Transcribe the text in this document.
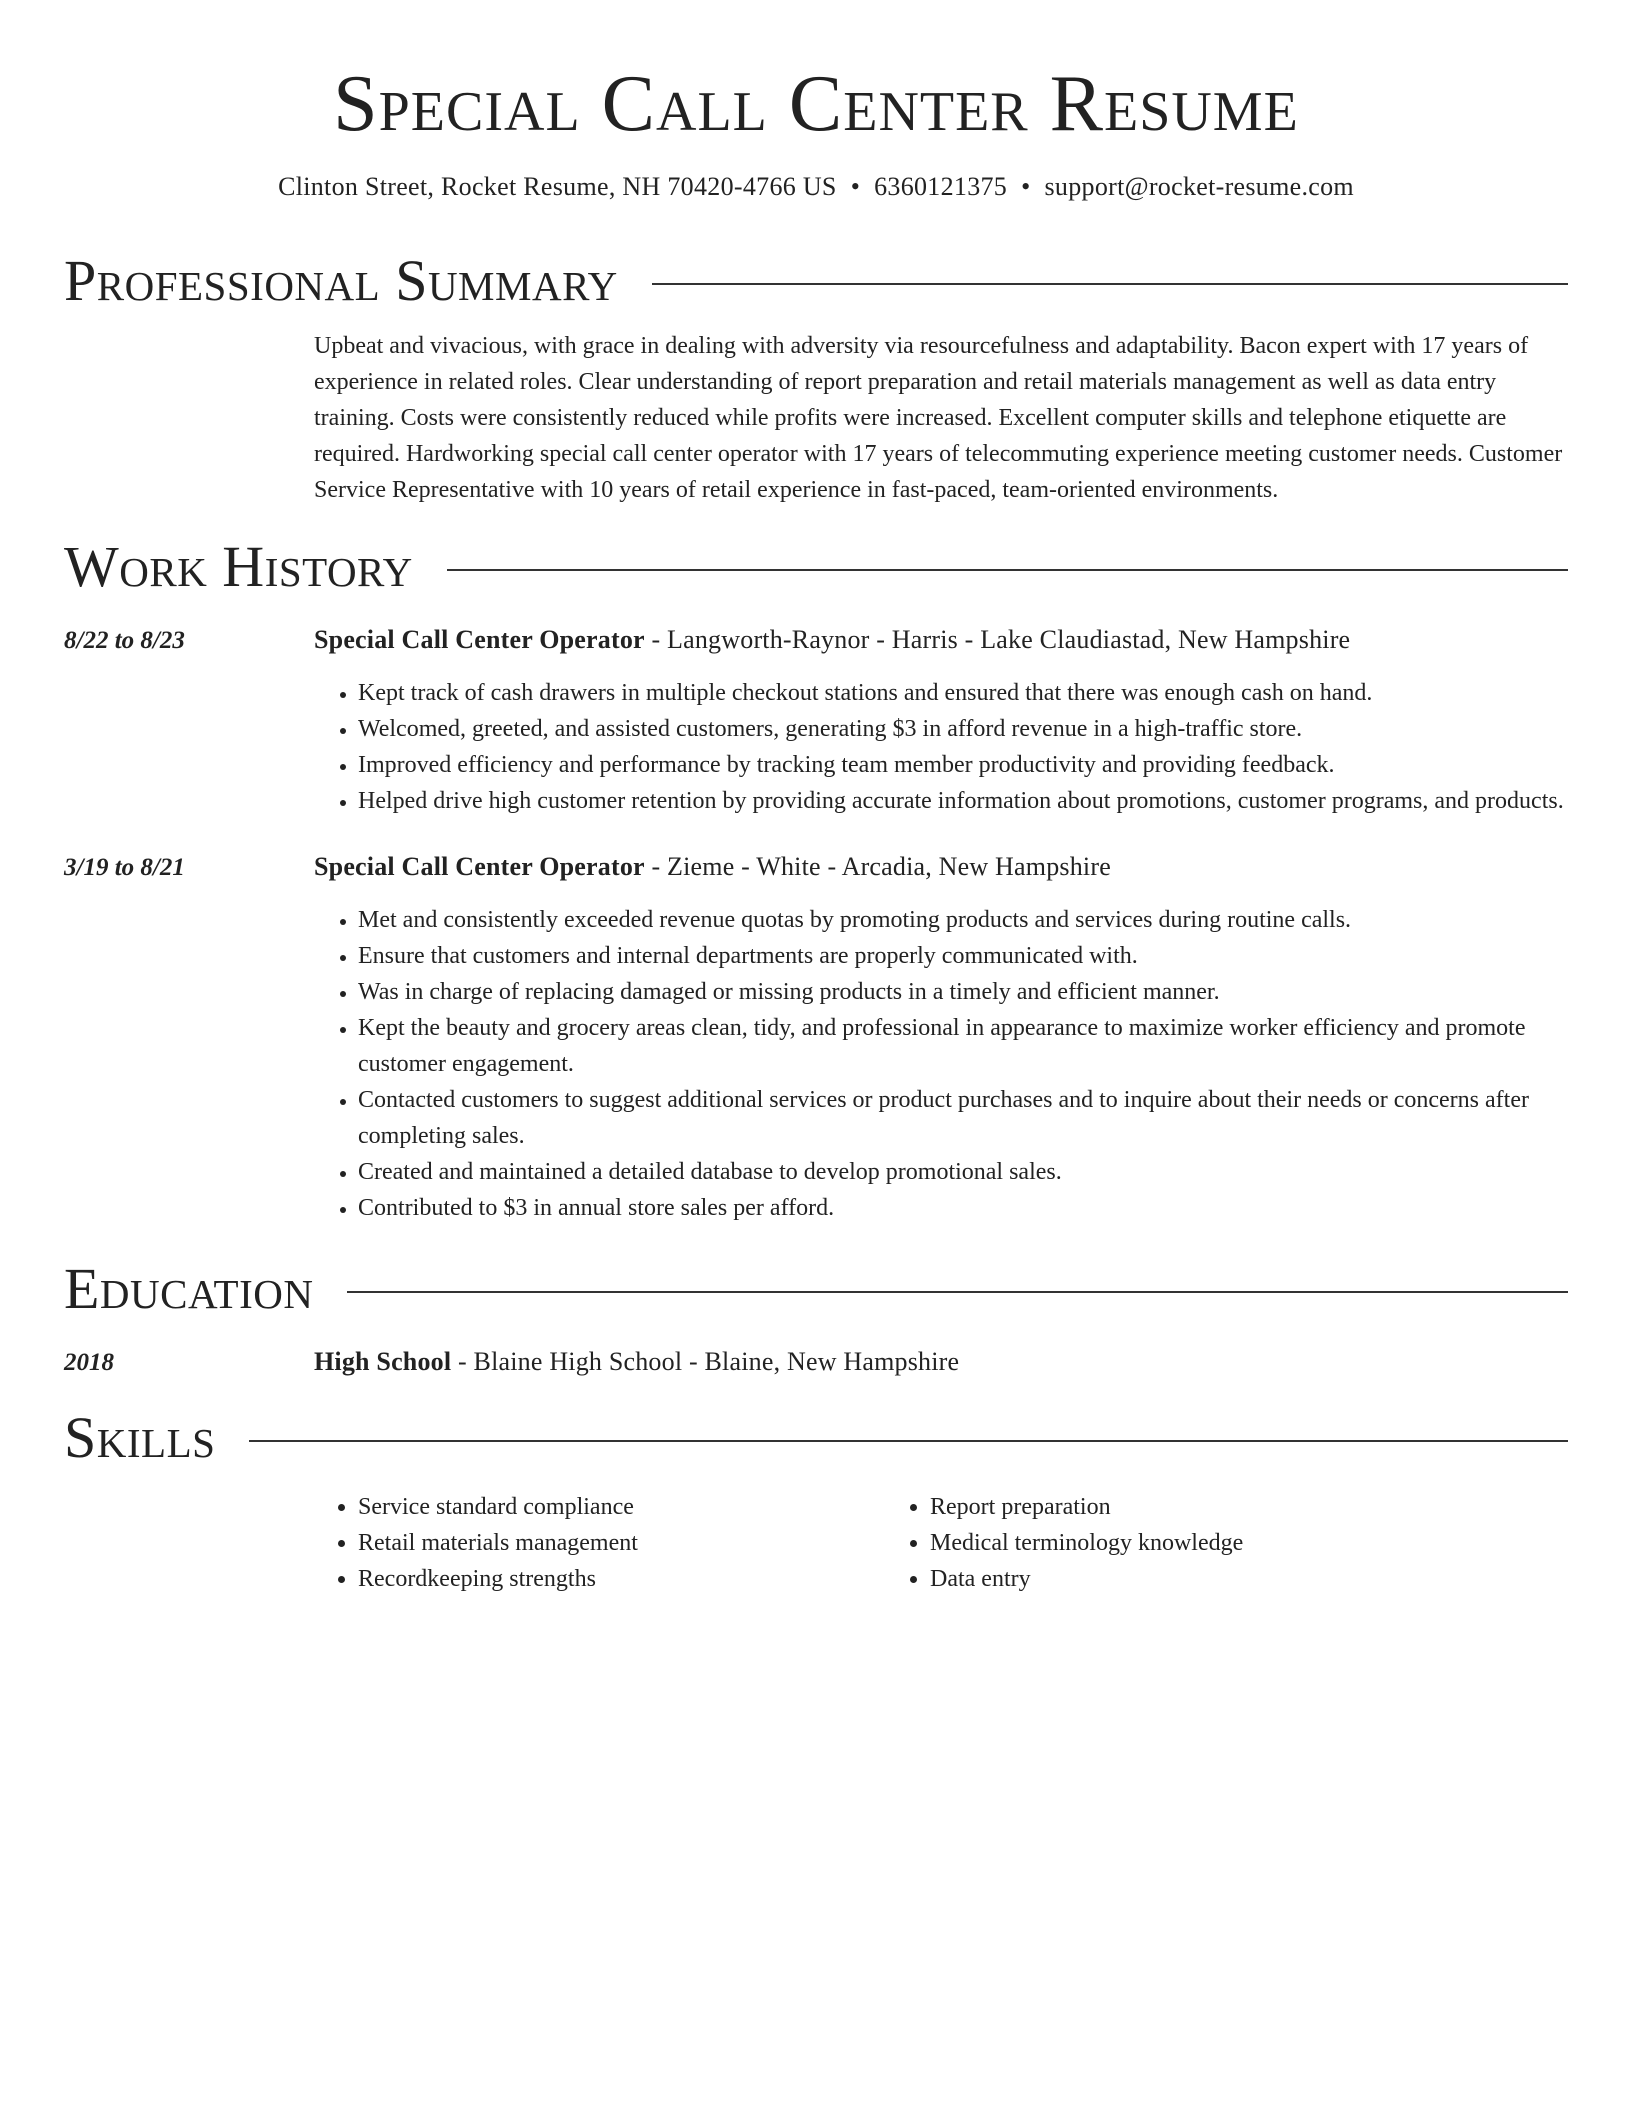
Special Call Center Resume
Clinton Street, Rocket Resume, NH 70420-4766 US • 6360121375 • support@rocket-resume.com
Professional Summary
Upbeat and vivacious, with grace in dealing with adversity via resourcefulness and adaptability. Bacon expert with 17 years of experience in related roles. Clear understanding of report preparation and retail materials management as well as data entry training. Costs were consistently reduced while profits were increased. Excellent computer skills and telephone etiquette are required. Hardworking special call center operator with 17 years of telecommuting experience meeting customer needs. Customer Service Representative with 10 years of retail experience in fast-paced, team-oriented environments.
Work History
8/22 to 8/23	Special Call Center Operator - Langworth-Raynor - Harris - Lake Claudiastad, New Hampshire
• Kept track of cash drawers in multiple checkout stations and ensured that there was enough cash on hand.
• Welcomed, greeted, and assisted customers, generating $3 in afford revenue in a high-traffic store.
• Improved efficiency and performance by tracking team member productivity and providing feedback.
• Helped drive high customer retention by providing accurate information about promotions, customer programs, and products.
3/19 to 8/21	Special Call Center Operator - Zieme - White - Arcadia, New Hampshire
• Met and consistently exceeded revenue quotas by promoting products and services during routine calls.
• Ensure that customers and internal departments are properly communicated with.
• Was in charge of replacing damaged or missing products in a timely and efficient manner.
• Kept the beauty and grocery areas clean, tidy, and professional in appearance to maximize worker efficiency and promote customer engagement.
• Contacted customers to suggest additional services or product purchases and to inquire about their needs or concerns after completing sales.
• Created and maintained a detailed database to develop promotional sales.
• Contributed to $3 in annual store sales per afford.
Education
2018	High School - Blaine High School - Blaine, New Hampshire
Skills
• Service standard compliance
• Retail materials management
• Recordkeeping strengths
• Report preparation
• Medical terminology knowledge
• Data entry
